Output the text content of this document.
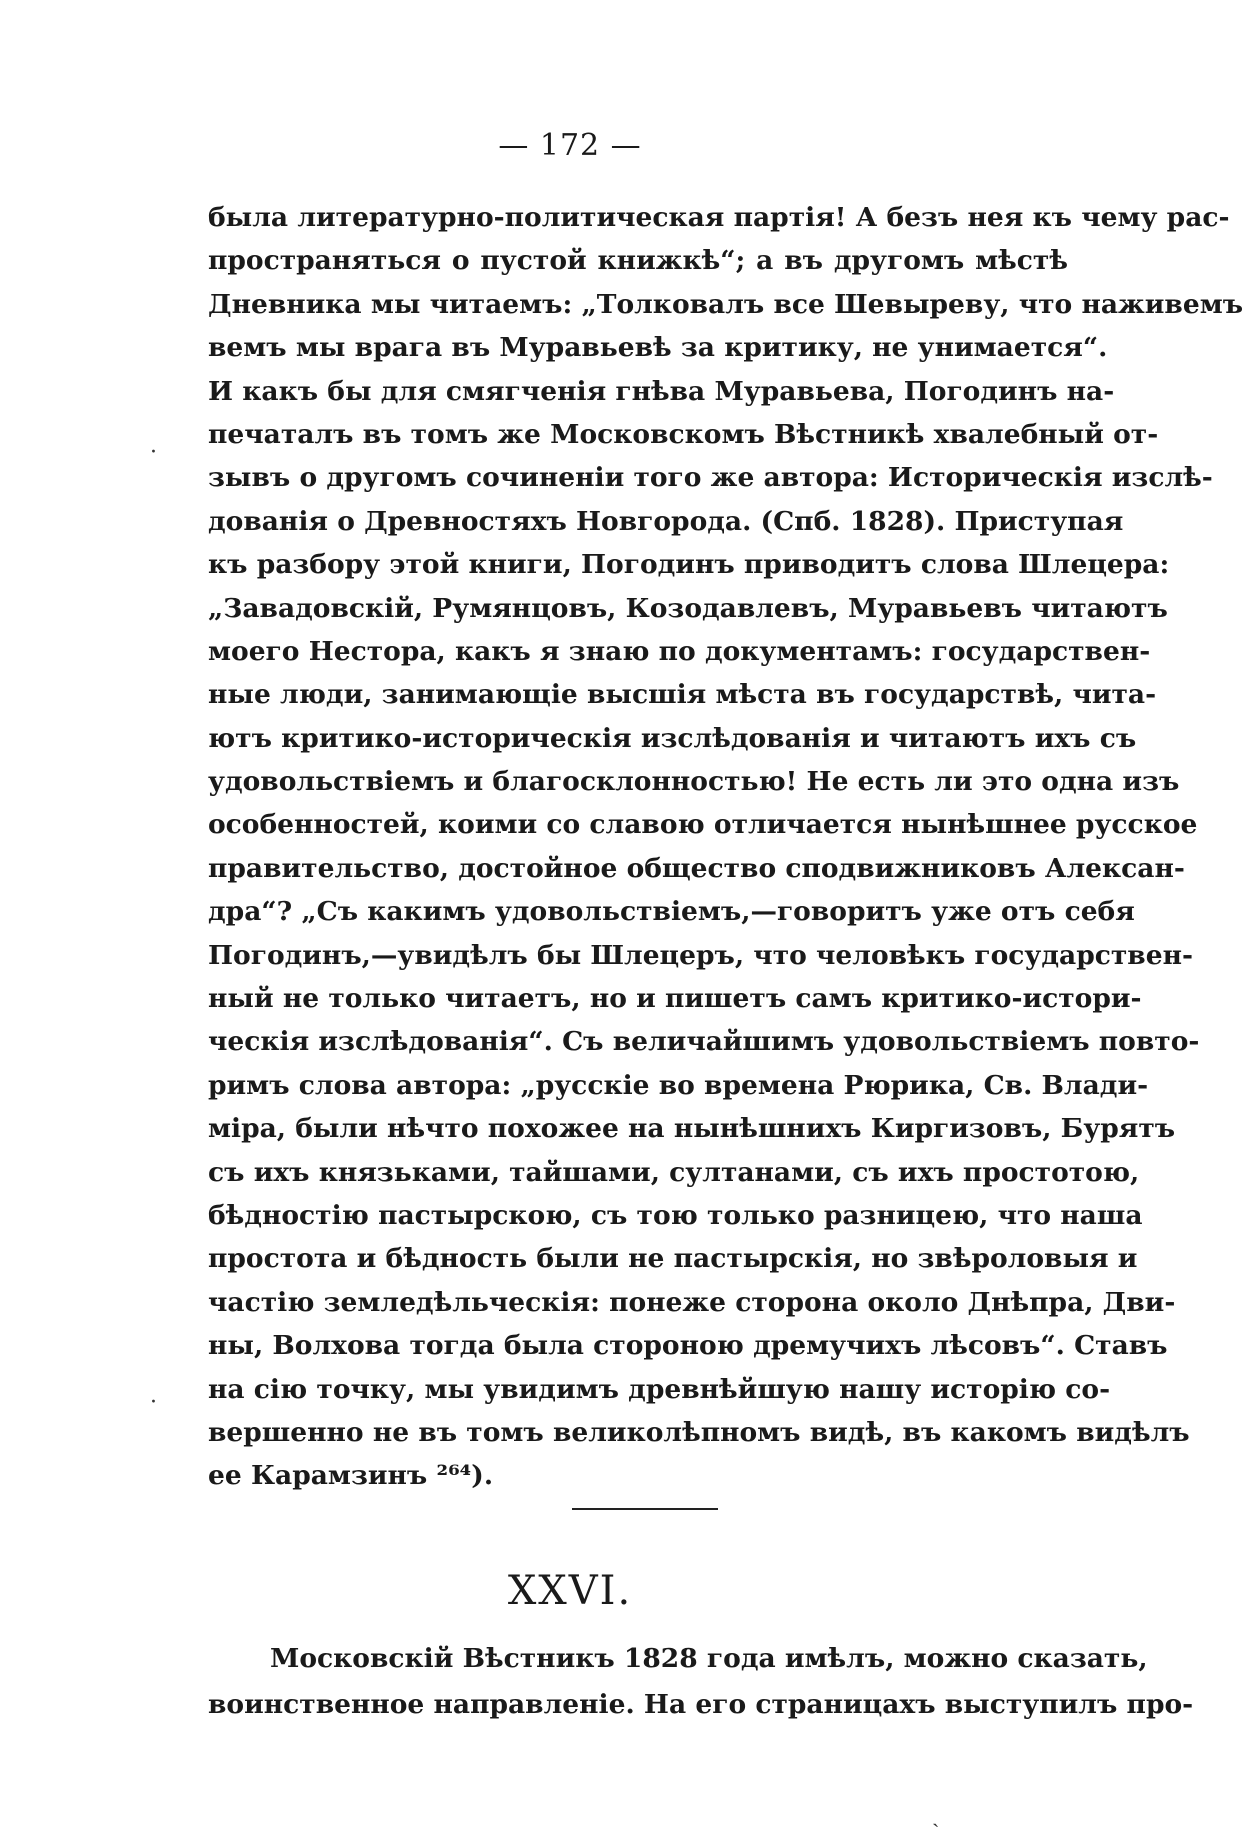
— 172 —
была литературно-политическая партія! А безъ нея къ чему рас-
пространяться о пустой книжкѣ“; а въ другомъ мѣстѣ
Дневника мы читаемъ: „Толковалъ все Шевыреву, что наживемъ
вемъ мы врага въ Муравьевѣ за критику, не унимается“.
И какъ бы для смягченія гнѣва Муравьева, Погодинъ на-
печаталъ въ томъ же Московскомъ Вѣстникѣ хвалебный от-
зывъ о другомъ сочиненіи того же автора: Историческія изслѣ-
дованія о Древностяхъ Новгорода. (Спб. 1828). Приступая
къ разбору этой книги, Погодинъ приводитъ слова Шлецера:
„Завадовскій, Румянцовъ, Козодавлевъ, Муравьевъ читаютъ
моего Нестора, какъ я знаю по документамъ: государствен-
ные люди, занимающіе высшія мѣста въ государствѣ, чита-
ютъ критико-историческія изслѣдованія и читаютъ ихъ съ
удовольствіемъ и благосклонностью! Не есть ли это одна изъ
особенностей, коими со славою отличается нынѣшнее русское
правительство, достойное общество сподвижниковъ Алексан-
дра“? „Съ какимъ удовольствіемъ,—говоритъ уже отъ себя
Погодинъ,—увидѣлъ бы Шлецеръ, что человѣкъ государствен-
ный не только читаетъ, но и пишетъ самъ критико-истори-
ческія изслѣдованія“. Съ величайшимъ удовольствіемъ повто-
римъ слова автора: „русскіе во времена Рюрика, Св. Влади-
міра, были нѣчто похожее на нынѣшнихъ Киргизовъ, Бурятъ
съ ихъ князьками, тайшами, султанами, съ ихъ простотою,
бѣдностію пастырскою, съ тою только разницею, что наша
простота и бѣдность были не пастырскія, но звѣроловыя и
частію земледѣльческія: понеже сторона около Днѣпра, Дви-
ны, Волхова тогда была стороною дремучихъ лѣсовъ“. Ставъ
на сію точку, мы увидимъ древнѣйшую нашу исторію со-
вершенно не въ томъ великолѣпномъ видѣ, въ какомъ видѣлъ
ее Карамзинъ ²⁶⁴).
XXVI.
Московскій Вѣстникъ 1828 года имѣлъ, можно сказать,
воинственное направленіе. На его страницахъ выступилъ про-
·
·
ˏ
